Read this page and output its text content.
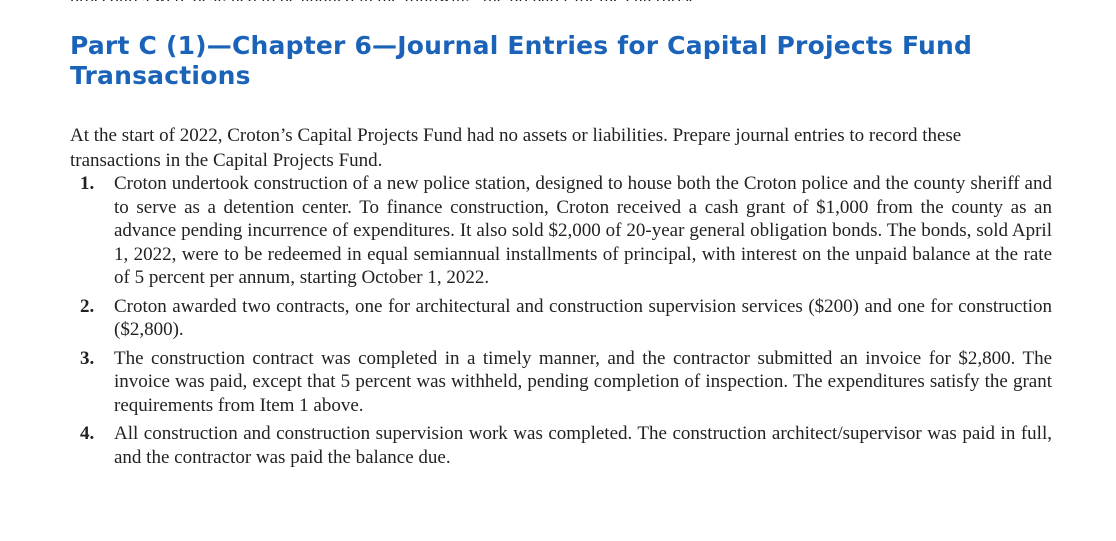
Part C (1)—Chapter 6—Journal Entries for Capital Projects Fund Transactions

At the start of 2022, Croton’s Capital Projects Fund had no assets or liabilities. Prepare journal entries to record these transactions in the Capital Projects Fund.

1. Croton undertook construction of a new police station, designed to house both the Croton police and the county sheriff and to serve as a detention center. To finance construction, Croton received a cash grant of $1,000 from the county as an advance pending incurrence of expenditures. It also sold $2,000 of 20-year general obligation bonds. The bonds, sold April 1, 2022, were to be redeemed in equal semiannual installments of principal, with interest on the unpaid balance at the rate of 5 percent per annum, starting October 1, 2022.
2. Croton awarded two contracts, one for architectural and construction supervision services ($200) and one for construction ($2,800).
3. The construction contract was completed in a timely manner, and the contractor submitted an invoice for $2,800. The invoice was paid, except that 5 percent was withheld, pending completion of inspection. The expenditures satisfy the grant requirements from Item 1 above.
4. All construction and construction supervision work was completed. The construction architect/supervisor was paid in full, and the contractor was paid the balance due.
